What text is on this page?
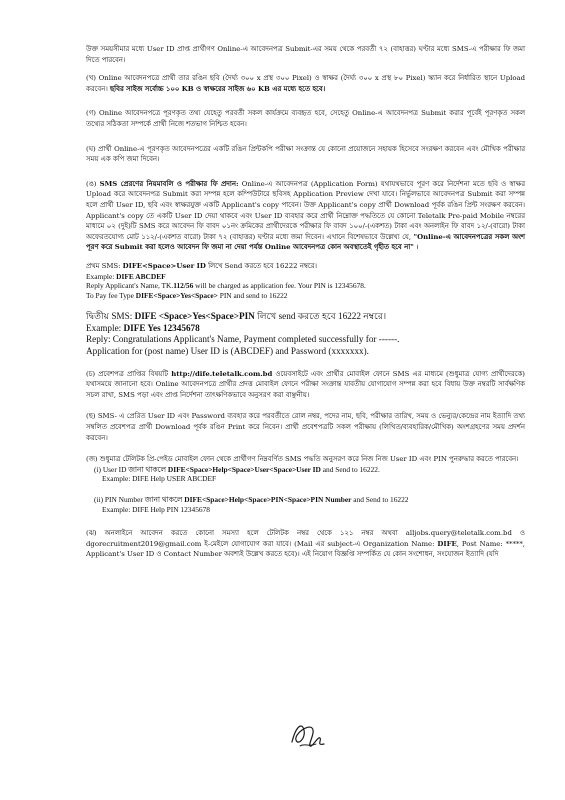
উক্ত সময়সীমার মধ্যে User ID প্রাপ্ত প্রার্থীগণ Online-এ আবেদনপত্র Submit-এর সময় থেকে পরবর্তী ৭২ (বাহাত্তর) ঘণ্টার মধ্যে SMS-এ পরীক্ষার ফি জমা দিতে পারবেন।

(খ) Online আবেদনপত্রে প্রার্থী তার রঙিন ছবি (দৈর্ঘ্য ৩০০ x প্রস্থ ৩০০ Pixel) ও স্বাক্ষর (দৈর্ঘ্য ৩০০ x প্রস্থ ৮০ Pixel) স্ক্যান করে নির্ধারিত স্থানে Upload করবেন। ছবির সাইজ সর্বোচ্চ ১০০ KB ও স্বাক্ষরের সাইজ ৬০ KB এর মধ্যে হতে হবে।

(গ) Online আবেদনপত্রে পূরণকৃত তথ্য যেহেতু পরবর্তী সকল কার্যক্রমে ব্যবহৃত হবে, সেহেতু Online-এ আবেদনপত্র Submit করার পূর্বেই পূরণকৃত সকল তথ্যের সঠিকতা সম্পর্কে প্রার্থী নিজে শতভাগ নিশ্চিত হবেন।

(ঘ) প্রার্থী Online-এ পূরণকৃত আবেদনপত্রের একটি রঙিন প্রিন্টকপি পরীক্ষা সংক্রান্ত যে কোনো প্রয়োজনে সহায়ক হিসেবে সংরক্ষণ করবেন এবং মৌখিক পরীক্ষার সময় এক কপি জমা দিবেন।

(ঙ) SMS প্রেরণের নিয়মাবলি ও পরীক্ষার ফি প্রদান: Online-এ আবেদনপত্র (Application Form) যথাযথভাবে পূরণ করে নির্দেশনা মতে ছবি ও স্বাক্ষর Upload করে আবেদনপত্র Submit করা সম্পন্ন হলে কম্পিউটারে ছবিসহ Application Preview দেখা যাবে। নির্ভুলভাবে আবেদনপত্র Submit করা সম্পন্ন হলে প্রার্থী User ID, ছবি এবং স্বাক্ষরযুক্ত একটি Applicant's copy পাবেন। উক্ত Applicant's copy প্রার্থী Download পূর্বক রঙিন প্রিন্ট সংরক্ষণ করবেন। Applicant's copy তে একটি User ID দেয়া থাকবে এবং User ID ব্যবহার করে প্রার্থী নিম্নোক্ত পদ্ধতিতে যে কোনো Teletalk Pre-paid Mobile নম্বরের মাধ্যমে ০২ (দুই)টি SMS করে আবেদন ফি বাবদ ০১নং ক্রমিকের প্রার্থীদেরকে পরীক্ষার ফি বাবদ ১০০/-(একশত) টাকা এবং অনলাইন ফি বাবদ ১২/-(বারো) টাকা অফেরতযোগ্য মোট ১১২/-(একশত বারো) টাকা ৭২ (বাহাত্তর) ঘণ্টার মধ্যে জমা দিবেন। এখানে বিশেষভাবে উল্লেখ্য যে, "Online-এ আবেদনপত্রের সকল অংশ পূরণ করে Submit করা হলেও আবেদন ফি জমা না দেয়া পর্যন্ত Online আবেদনপত্র কোন অবস্থাতেই গৃহীত হবে না" ।

প্রথম SMS: DIFE<Space>User ID লিখে Send করতে হবে 16222 নম্বরে।

Example: DIFE ABCDEF

Reply Applicant's Name, TK.112/56 will be charged as application fee. Your PIN is 12345678.

To Pay fee Type DIFE<Space>Yes<Space> PIN and send to 16222

দ্বিতীয় SMS: DIFE <Space>Yes<Space>PIN লিখে send করতে হবে 16222 নম্বরে।

Example: DIFE Yes 12345678

Reply: Congratulations Applicant's Name, Payment completed successfully for ------.

Application for (post name) User ID is (ABCDEF) and Password (xxxxxxx).

(চ) প্রবেশপত্র প্রাপ্তির বিষয়টি http://dife.teletalk.com.bd ওয়েবসাইটে এবং প্রার্থীর মোবাইল ফোনে SMS এর মাধ্যমে (শুধুমাত্র যোগ্য প্রার্থীদেরকে) যথাসময়ে জানানো হবে। Online আবেদনপত্রে প্রার্থীর প্রদত্ত মোবাইল ফোনে পরীক্ষা সংক্রান্ত যাবতীয় যোগাযোগ সম্পন্ন করা হবে বিধায় উক্ত নম্বরটি সার্বক্ষণিক সচল রাখা, SMS পড়া এবং প্রাপ্ত নির্দেশনা তাৎক্ষণিকভাবে অনুসরণ করা বাঞ্ছনীয়।

(ছ) SMS- এ প্রেরিত User ID এবং Password ব্যবহার করে পরবর্তীতে রোল নম্বর, পদের নাম, ছবি, পরীক্ষার তারিখ, সময় ও ভেন্যুর/কেন্দ্রের নাম ইত্যাদি তথ্য সম্বলিত প্রবেশপত্র প্রার্থী Download পূর্বক রঙিন Print করে নিবেন। প্রার্থী প্রবেশপত্রটি সকল পরীক্ষায় (লিখিত/ব্যবহারিক/মৌখিক) অংশগ্রহণের সময় প্রদর্শন করবেন।

(জ) শুধুমাত্র টেলিটক প্রি-পেইড মোবাইল ফোন থেকে প্রার্থীগণ নিম্নবর্ণিত SMS পদ্ধতি অনুসরণ করে নিজ নিজ User ID এবং PIN পুনরুদ্ধার করতে পারবেন।

(i) User ID জানা থাকলে DIFE<Space>Help<Space>User<Space>User ID and Send to 16222.

Example: DIFE Help USER ABCDEF

(ii) PIN Number জানা থাকলে DIFE<Space>Help<Space>PIN<Space>PIN Number and Send to 16222

Example: DIFE Help PIN 12345678

(ঝ) অনলাইনে আবেদন করতে কোনো সমস্যা হলে টেলিটক নম্বর থেকে ১২১ নম্বর অথবা alljobs.query@teletalk.com.bd ও dgorecruitment2019@gmail.com ই-মেইলে যোগাযোগ করা যাবে। (Mail এর subject-এ Organization Name: DIFE, Post Name: *****, Applicant's User ID ও Contact Number অবশ্যই উল্লেখ করতে হবে)। এই নিয়োগ বিজ্ঞপ্তি সম্পর্কিত যে কোন সংশোধন, সংযোজন ইত্যাদি (যদি
